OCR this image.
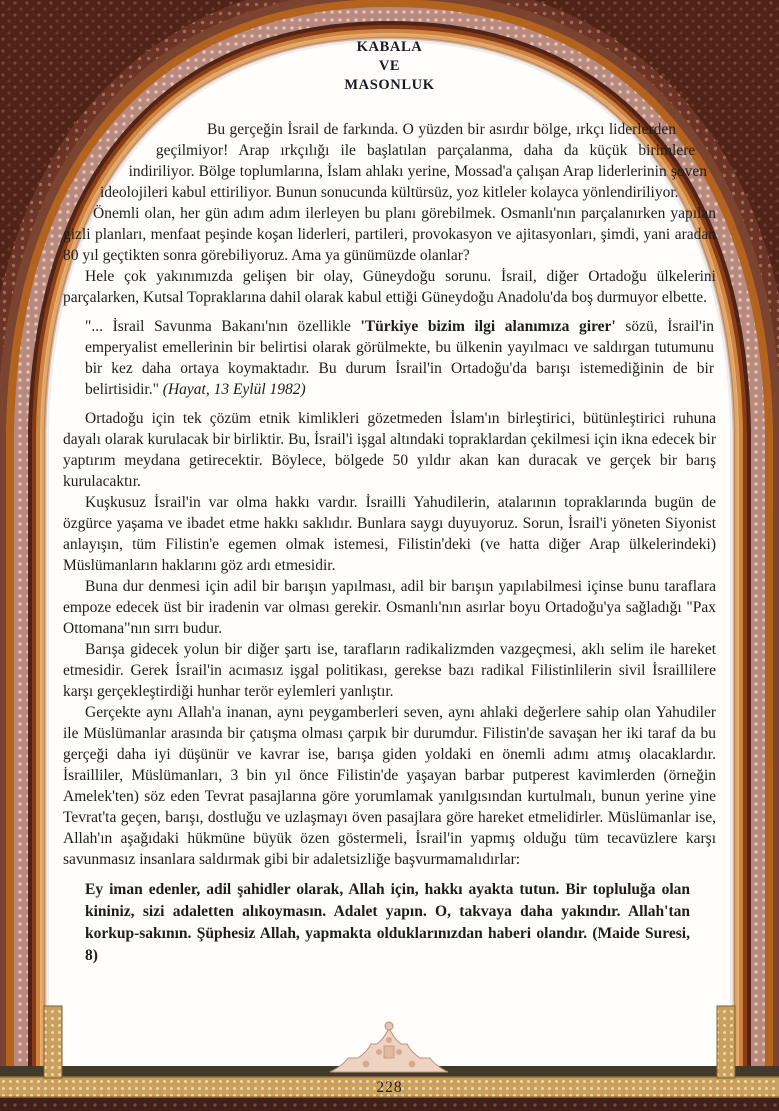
KABALA
VE
MASONLUK

Bu gerçeğin İsrail de farkında. O yüzden bir asırdır bölge, ırkçı liderlerden geçilmiyor! Arap ırkçılığı ile başlatılan parçalanma, daha da küçük birimlere indiriliyor. Bölge toplumlarına, İslam ahlakı yerine, Mossad'a çalışan Arap liderlerinin şoven ideolojileri kabul ettiriliyor. Bunun sonucunda kültürsüz, yoz kitleler kolayca yönlendiriliyor.

Önemli olan, her gün adım adım ilerleyen bu planı görebilmek. Osmanlı'nın parçalanırken yapılan gizli planları, menfaat peşinde koşan liderleri, partileri, provokasyon ve ajitasyonları, şimdi, yani aradan 80 yıl geçtikten sonra görebiliyoruz. Ama ya günümüzde olanlar?

Hele çok yakınımızda gelişen bir olay, Güneydoğu sorunu. İsrail, diğer Ortadoğu ülkelerini parçalarken, Kutsal Topraklarına dahil olarak kabul ettiği Güneydoğu Anadolu'da boş durmuyor elbette.

"... İsrail Savunma Bakanı'nın özellikle 'Türkiye bizim ilgi alanımıza girer' sözü, İsrail'in emperyalist emellerinin bir belirtisi olarak görülmekte, bu ülkenin yayılmacı ve saldırgan tutumunu bir kez daha ortaya koymaktadır. Bu durum İsrail'in Ortadoğu'da barışı istemediğinin de bir belirtisidir." (Hayat, 13 Eylül 1982)

Ortadoğu için tek çözüm etnik kimlikleri gözetmeden İslam'ın birleştirici, bütünleştirici ruhuna dayalı olarak kurulacak bir birliktir. Bu, İsrail'i işgal altındaki topraklardan çekilmesi için ikna edecek bir yaptırım meydana getirecektir. Böylece, bölgede 50 yıldır akan kan duracak ve gerçek bir barış kurulacaktır.

Kuşkusuz İsrail'in var olma hakkı vardır. İsrailli Yahudilerin, atalarının topraklarında bugün de özgürce yaşama ve ibadet etme hakkı saklıdır. Bunlara saygı duyuyoruz. Sorun, İsrail'i yöneten Siyonist anlayışın, tüm Filistin'e egemen olmak istemesi, Filistin'deki (ve hatta diğer Arap ülkelerindeki) Müslümanların haklarını göz ardı etmesidir.

Buna dur denmesi için adil bir barışın yapılması, adil bir barışın yapılabilmesi içinse bunu taraflara empoze edecek üst bir iradenin var olması gerekir. Osmanlı'nın asırlar boyu Ortadoğu'ya sağladığı "Pax Ottomana"nın sırrı budur.

Barışa gidecek yolun bir diğer şartı ise, tarafların radikalizmden vazgeçmesi, aklı selim ile hareket etmesidir. Gerek İsrail'in acımasız işgal politikası, gerekse bazı radikal Filistinlilerin sivil İsraillilere karşı gerçekleştirdiği hunhar terör eylemleri yanlıştır.

Gerçekte aynı Allah'a inanan, aynı peygamberleri seven, aynı ahlaki değerlere sahip olan Yahudiler ile Müslümanlar arasında bir çatışma olması çarpık bir durumdur. Filistin'de savaşan her iki taraf da bu gerçeği daha iyi düşünür ve kavrar ise, barışa giden yoldaki en önemli adımı atmış olacaklardır. İsrailliler, Müslümanları, 3 bin yıl önce Filistin'de yaşayan barbar putperest kavimlerden (örneğin Amelek'ten) söz eden Tevrat pasajlarına göre yorumlamak yanılgısından kurtulmalı, bunun yerine yine Tevrat'ta geçen, barışı, dostluğu ve uzlaşmayı öven pasajlara göre hareket etmelidirler. Müslümanlar ise, Allah'ın aşağıdaki hükmüne büyük özen göstermeli, İsrail'in yapmış olduğu tüm tecavüzlere karşı savunmasız insanlara saldırmak gibi bir adaletsizliğe başvurmamalıdırlar:

Ey iman edenler, adil şahidler olarak, Allah için, hakkı ayakta tutun. Bir topluluğa olan kininiz, sizi adaletten alıkoymasın. Adalet yapın. O, takvaya daha yakındır. Allah'tan korkup-sakının. Şüphesiz Allah, yapmakta olduklarınızdan haberi olandır. (Maide Suresi, 8)

228
